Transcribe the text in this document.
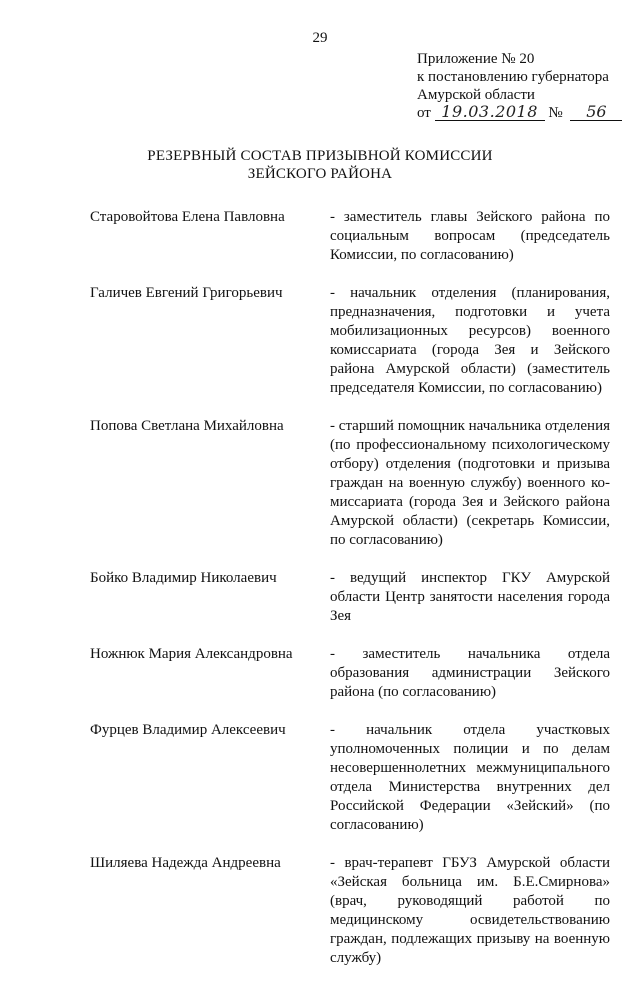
29
Приложение № 20
к постановлению губернатора
Амурской области
от 19.03.2018 № 56
РЕЗЕРВНЫЙ СОСТАВ ПРИЗЫВНОЙ КОМИССИИ
ЗЕЙСКОГО РАЙОНА
Старовойтова Елена Павловна	- заместитель главы Зейского района по социальным вопросам (председатель Комиссии, по согласованию)
Галичев Евгений Григорьевич	- начальник отделения (планирования, предназначения, подготовки и учета мобилизационных ресурсов) военного комиссариата (города Зея и Зейского района Амурской области) (заместитель председателя Комиссии, по согласованию)
Попова Светлана Михайловна	- старший помощник начальника отделения (по профессиональному психологическому отбору) отделения (подготовки и призыва граждан на военную службу) военного комиссариата (города Зея и Зейского района Амурской области) (секретарь Комиссии, по согласованию)
Бойко Владимир Николаевич	- ведущий инспектор ГКУ Амурской области Центр занятости населения города Зея
Ножнюк Мария Александровна	- заместитель начальника отдела образования администрации Зейского района (по согласованию)
Фурцев Владимир Алексеевич	- начальник отдела участковых уполномоченных полиции и по делам несовершеннолетних межмуниципального отдела Министерства внутренних дел Российской Федерации «Зейский» (по согласованию)
Шиляева Надежда Андреевна	- врач-терапевт ГБУЗ Амурской области «Зейская больница им. Б.Е.Смирнова» (врач, руководящий работой по медицинскому освидетельствованию граждан, подлежащих призыву на военную службу)
